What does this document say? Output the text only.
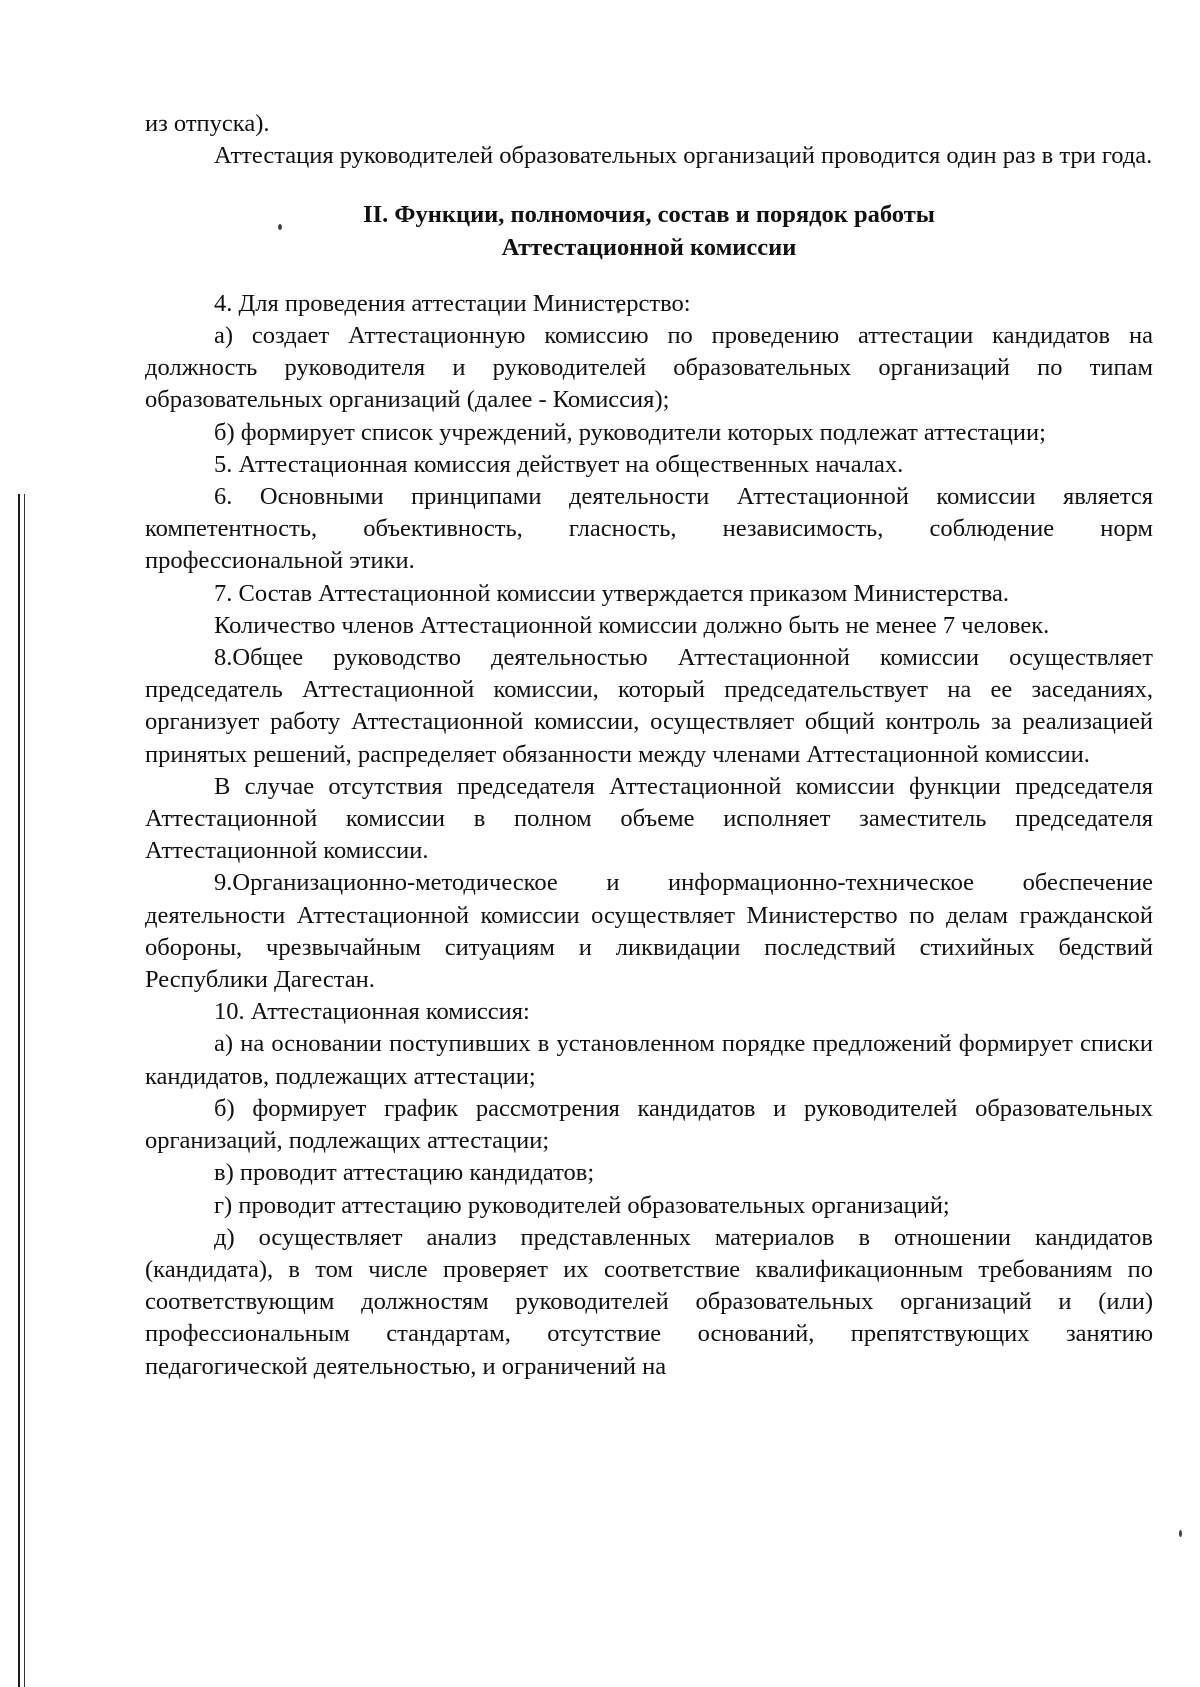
из отпуска).

Аттестация руководителей образовательных организаций проводится один раз в три года.

II. Функции, полномочия, состав и порядок работы
Аттестационной комиссии

4. Для проведения аттестации Министерство:

а) создает Аттестационную комиссию по проведению аттестации кандидатов на должность руководителя и руководителей образовательных организаций по типам образовательных организаций (далее - Комиссия);

б) формирует список учреждений, руководители которых подлежат аттестации;

5. Аттестационная комиссия действует на общественных началах.

6. Основными принципами деятельности Аттестационной комиссии является компетентность, объективность, гласность, независимость, соблюдение норм профессиональной этики.

7. Состав Аттестационной комиссии утверждается приказом Министерства.

Количество членов Аттестационной комиссии должно быть не менее 7 человек.

8.Общее руководство деятельностью Аттестационной комиссии осуществляет председатель Аттестационной комиссии, который председательствует на ее заседаниях, организует работу Аттестационной комиссии, осуществляет общий контроль за реализацией принятых решений, распределяет обязанности между членами Аттестационной комиссии.

В случае отсутствия председателя Аттестационной комиссии функции председателя Аттестационной комиссии в полном объеме исполняет заместитель председателя Аттестационной комиссии.

9.Организационно-методическое и информационно-техническое обеспечение деятельности Аттестационной комиссии осуществляет Министерство по делам гражданской обороны, чрезвычайным ситуациям и ликвидации последствий стихийных бедствий Республики Дагестан.

10. Аттестационная комиссия:

а) на основании поступивших в установленном порядке предложений формирует списки кандидатов, подлежащих аттестации;

б) формирует график рассмотрения кандидатов и руководителей образовательных организаций, подлежащих аттестации;

в) проводит аттестацию кандидатов;

г) проводит аттестацию руководителей образовательных организаций;

д) осуществляет анализ представленных материалов в отношении кандидатов (кандидата), в том числе проверяет их соответствие квалификационным требованиям по соответствующим должностям руководителей образовательных организаций и (или) профессиональным стандартам, отсутствие оснований, препятствующих занятию педагогической деятельностью, и ограничений на
